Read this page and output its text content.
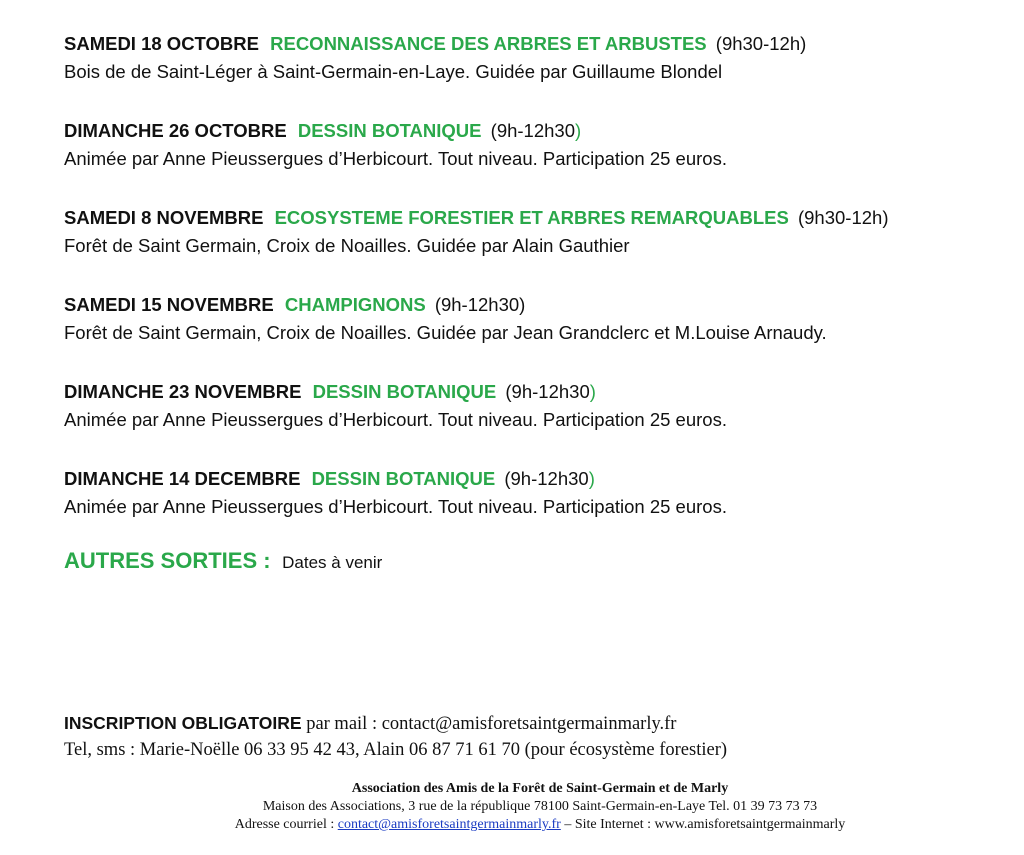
SAMEDI 18 OCTOBRE RECONNAISSANCE DES ARBRES ET ARBUSTES (9h30-12h)
Bois de de Saint-Léger à Saint-Germain-en-Laye. Guidée par Guillaume Blondel
DIMANCHE 26 OCTOBRE DESSIN BOTANIQUE (9h-12h30)
Animée par Anne Pieussergues d’Herbicourt. Tout niveau. Participation 25 euros.
SAMEDI 8 NOVEMBRE ECOSYSTEME FORESTIER ET ARBRES REMARQUABLES (9h30-12h)
Forêt de Saint Germain, Croix de Noailles. Guidée par Alain Gauthier
SAMEDI 15 NOVEMBRE CHAMPIGNONS (9h-12h30)
Forêt de Saint Germain, Croix de Noailles. Guidée par Jean Grandclerc et M.Louise Arnaudy.
DIMANCHE 23 NOVEMBRE DESSIN BOTANIQUE (9h-12h30)
Animée par Anne Pieussergues d’Herbicourt. Tout niveau. Participation 25 euros.
DIMANCHE 14 DECEMBRE DESSIN BOTANIQUE (9h-12h30)
Animée par Anne Pieussergues d’Herbicourt. Tout niveau. Participation 25 euros.
AUTRES SORTIES : Dates à venir
INSCRIPTION OBLIGATOIRE par mail : contact@amisforetsaintgermainmarly.fr
Tel, sms : Marie-Noëlle 06 33 95 42 43, Alain 06 87 71 61 70 (pour écosystème forestier)
Association des Amis de la Forêt de Saint-Germain et de Marly
Maison des Associations, 3 rue de la république 78100 Saint-Germain-en-Laye Tel. 01 39 73 73 73
Adresse courriel : contact@amisforetsaintgermainmarly.fr – Site Internet : www.amisforetsaintgermainmarly
